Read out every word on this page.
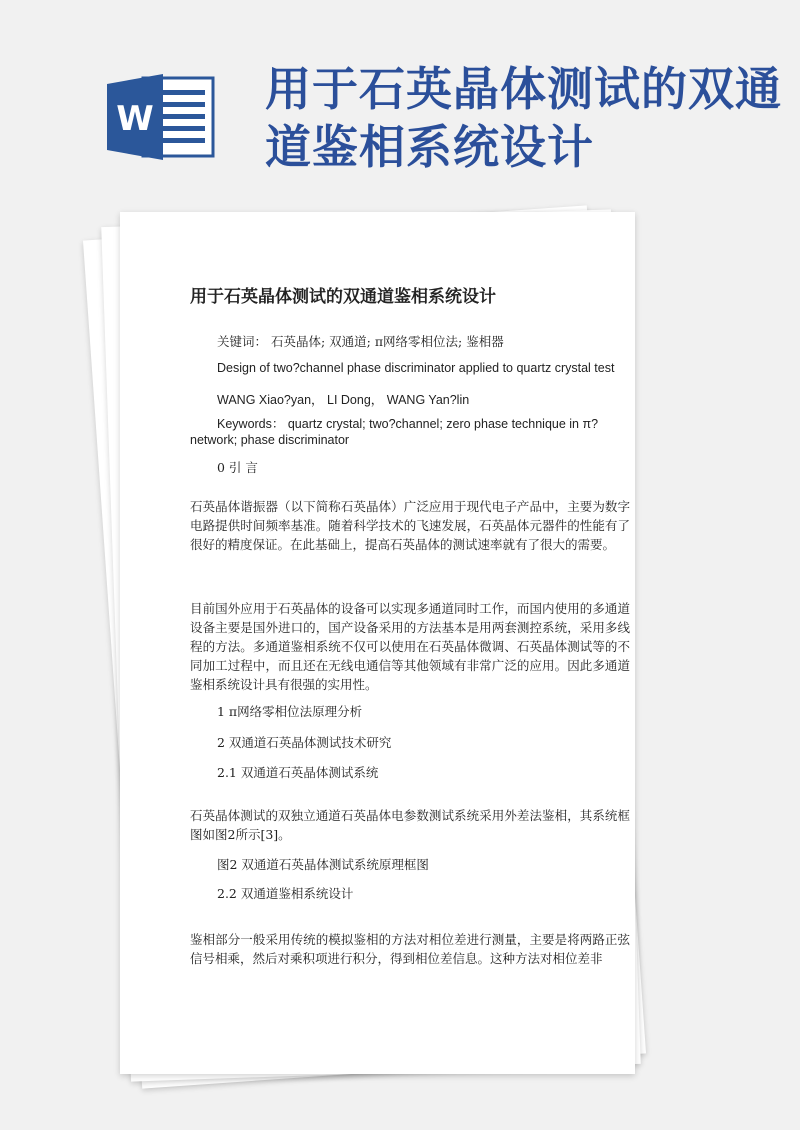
W
用于石英晶体测试的双通道鉴相系统设计
用于石英晶体测试的双通道鉴相系统设计
关键词： 石英晶体; 双通道; π网络零相位法; 鉴相器
Design of two?channel phase discriminator applied to quartz crystal test
WANG Xiao?yan， LI Dong， WANG Yan?lin
Keywords： quartz crystal; two?channel; zero phase technique in π?network; phase discriminator
0 引 言
石英晶体谐振器（以下简称石英晶体）广泛应用于现代电子产品中，主要为数字电路提供时间频率基准。随着科学技术的飞速发展，石英晶体元器件的性能有了很好的精度保证。在此基础上，提高石英晶体的测试速率就有了很大的需要。
目前国外应用于石英晶体的设备可以实现多通道同时工作，而国内使用的多通道设备主要是国外进口的，国产设备采用的方法基本是用两套测控系统，采用多线程的方法。多通道鉴相系统不仅可以使用在石英晶体微调、石英晶体测试等的不同加工过程中，而且还在无线电通信等其他领域有非常广泛的应用。因此多通道鉴相系统设计具有很强的实用性。
1 π网络零相位法原理分析
2 双通道石英晶体测试技术研究
2.1 双通道石英晶体测试系统
石英晶体测试的双独立通道石英晶体电参数测试系统采用外差法鉴相，其系统框图如图2所示[3]。
图2 双通道石英晶体测试系统原理框图
2.2 双通道鉴相系统设计
鉴相部分一般采用传统的模拟鉴相的方法对相位差进行测量，主要是将两路正弦信号相乘，然后对乘积项进行积分，得到相位差信息。这种方法对相位差非
